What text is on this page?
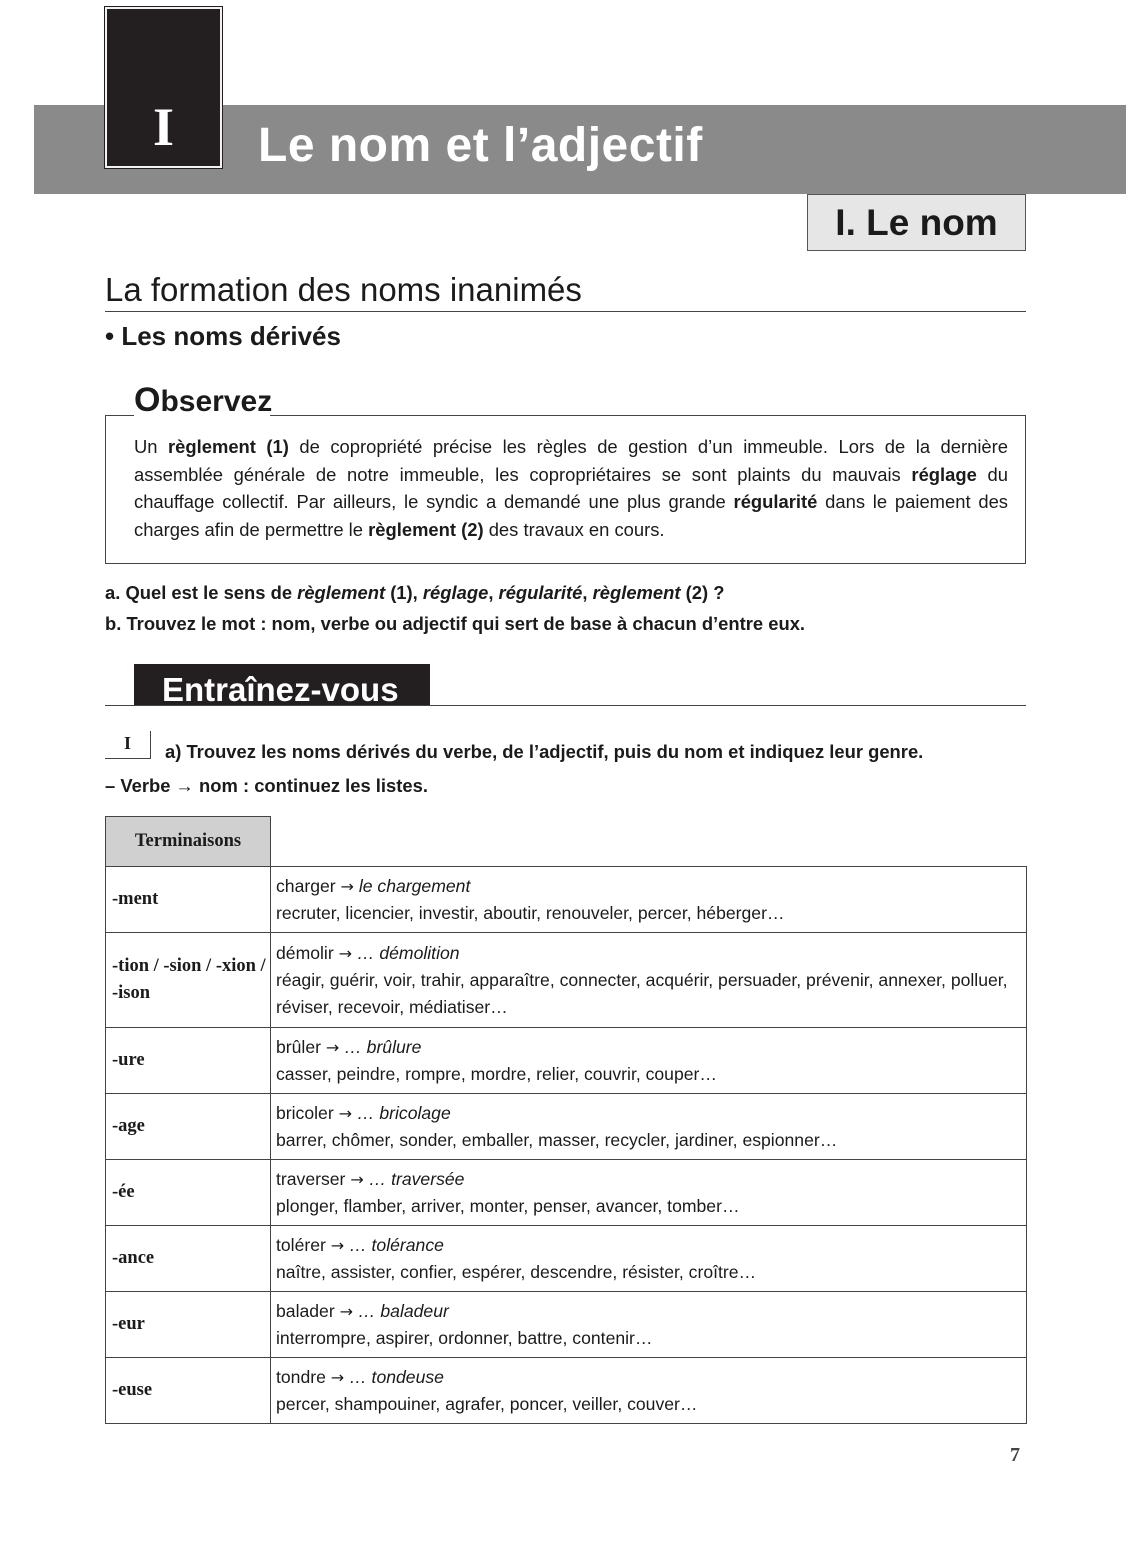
I	Le nom et l’adjectif
I. Le nom
La formation des noms inanimés
• Les noms dérivés
Observez
Un règlement (1) de copropriété précise les règles de gestion d’un immeuble. Lors de la dernière assemblée générale de notre immeuble, les copropriétaires se sont plaints du mauvais réglage du chauffage collectif. Par ailleurs, le syndic a demandé une plus grande régularité dans le paiement des charges afin de permettre le règlement (2) des travaux en cours.
a. Quel est le sens de règlement (1), réglage, régularité, règlement (2) ?
b. Trouvez le mot : nom, verbe ou adjectif qui sert de base à chacun d’entre eux.
Entraînez-vous
I	a) Trouvez les noms dérivés du verbe, de l’adjectif, puis du nom et indiquez leur genre.
– Verbe → nom : continuez les listes.
Terminaisons	
-ment	charger → le chargement
recruter, licencier, investir, aboutir, renouveler, percer, héberger…

-tion / -sion / -xion / -ison	démolir → … démolition
réagir, guérir, voir, trahir, apparaître, connecter, acquérir, persuader, prévenir, annexer, polluer, réviser, recevoir, médiatiser…

-ure	brûler → … brûlure
casser, peindre, rompre, mordre, relier, couvrir, couper…

-age	bricoler → … bricolage
barrer, chômer, sonder, emballer, masser, recycler, jardiner, espionner…

-ée	traverser → … traversée
plonger, flamber, arriver, monter, penser, avancer, tomber…

-ance	tolérer → … tolérance
naître, assister, confier, espérer, descendre, résister, croître…

-eur	balader → … baladeur
interrompre, aspirer, ordonner, battre, contenir…

-euse	tondre → … tondeuse
percer, shampouiner, agrafer, poncer, veiller, couver…
7
